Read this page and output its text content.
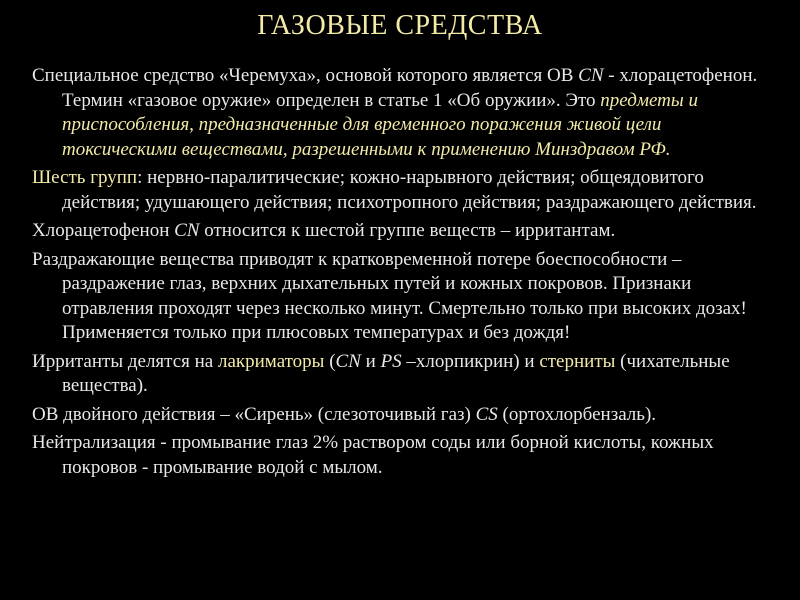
ГАЗОВЫЕ СРЕДСТВА
Специальное средство «Черемуха», основой которого является ОВ CN - хлорацетофенон. Термин «газовое оружие» определен в статье 1 «Об оружии». Это предметы и приспособления, предназначенные для временного поражения живой цели токсическими веществами, разрешенными к применению Минздравом РФ.
Шесть групп: нервно-паралитические; кожно-нарывного действия; общеядовитого действия; удушающего действия; психотропного действия; раздражающего действия.
Хлорацетофенон CN относится к шестой группе веществ – ирритантам.
Раздражающие вещества приводят к кратковременной потере боеспособности – раздражение глаз, верхних дыхательных путей и кожных покровов. Признаки отравления проходят через несколько минут. Смертельно только при высоких дозах! Применяется только при плюсовых температурах и без дождя!
Ирританты делятся на лакриматоры (CN и PS –хлорпикрин) и стерниты (чихательные вещества).
ОВ двойного действия – «Сирень» (слезоточивый газ) CS (ортохлорбензаль).
Нейтрализация - промывание глаз 2% раствором соды или борной кислоты, кожных покровов - промывание водой с мылом.
